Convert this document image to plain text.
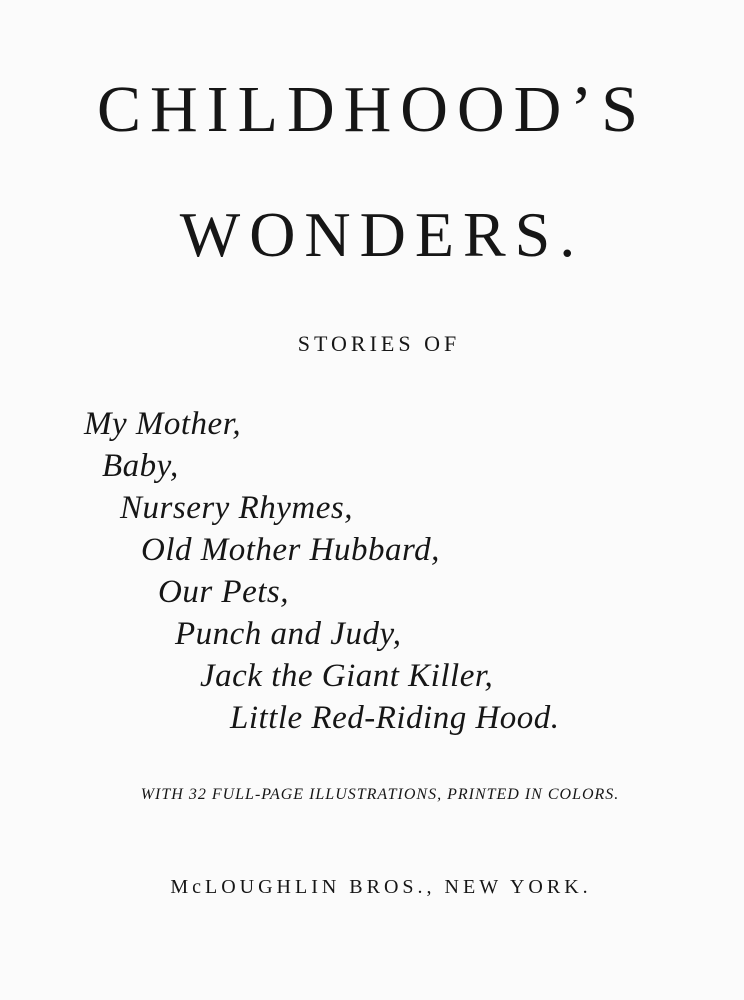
CHILDHOOD’S
WONDERS.
STORIES OF
My Mother,
Baby,
Nursery Rhymes,
Old Mother Hubbard,
Our Pets,
Punch and Judy,
Jack the Giant Killer,
Little Red-Riding Hood.
WITH 32 FULL-PAGE ILLUSTRATIONS, PRINTED IN COLORS.
McLOUGHLIN BROS., NEW YORK.
